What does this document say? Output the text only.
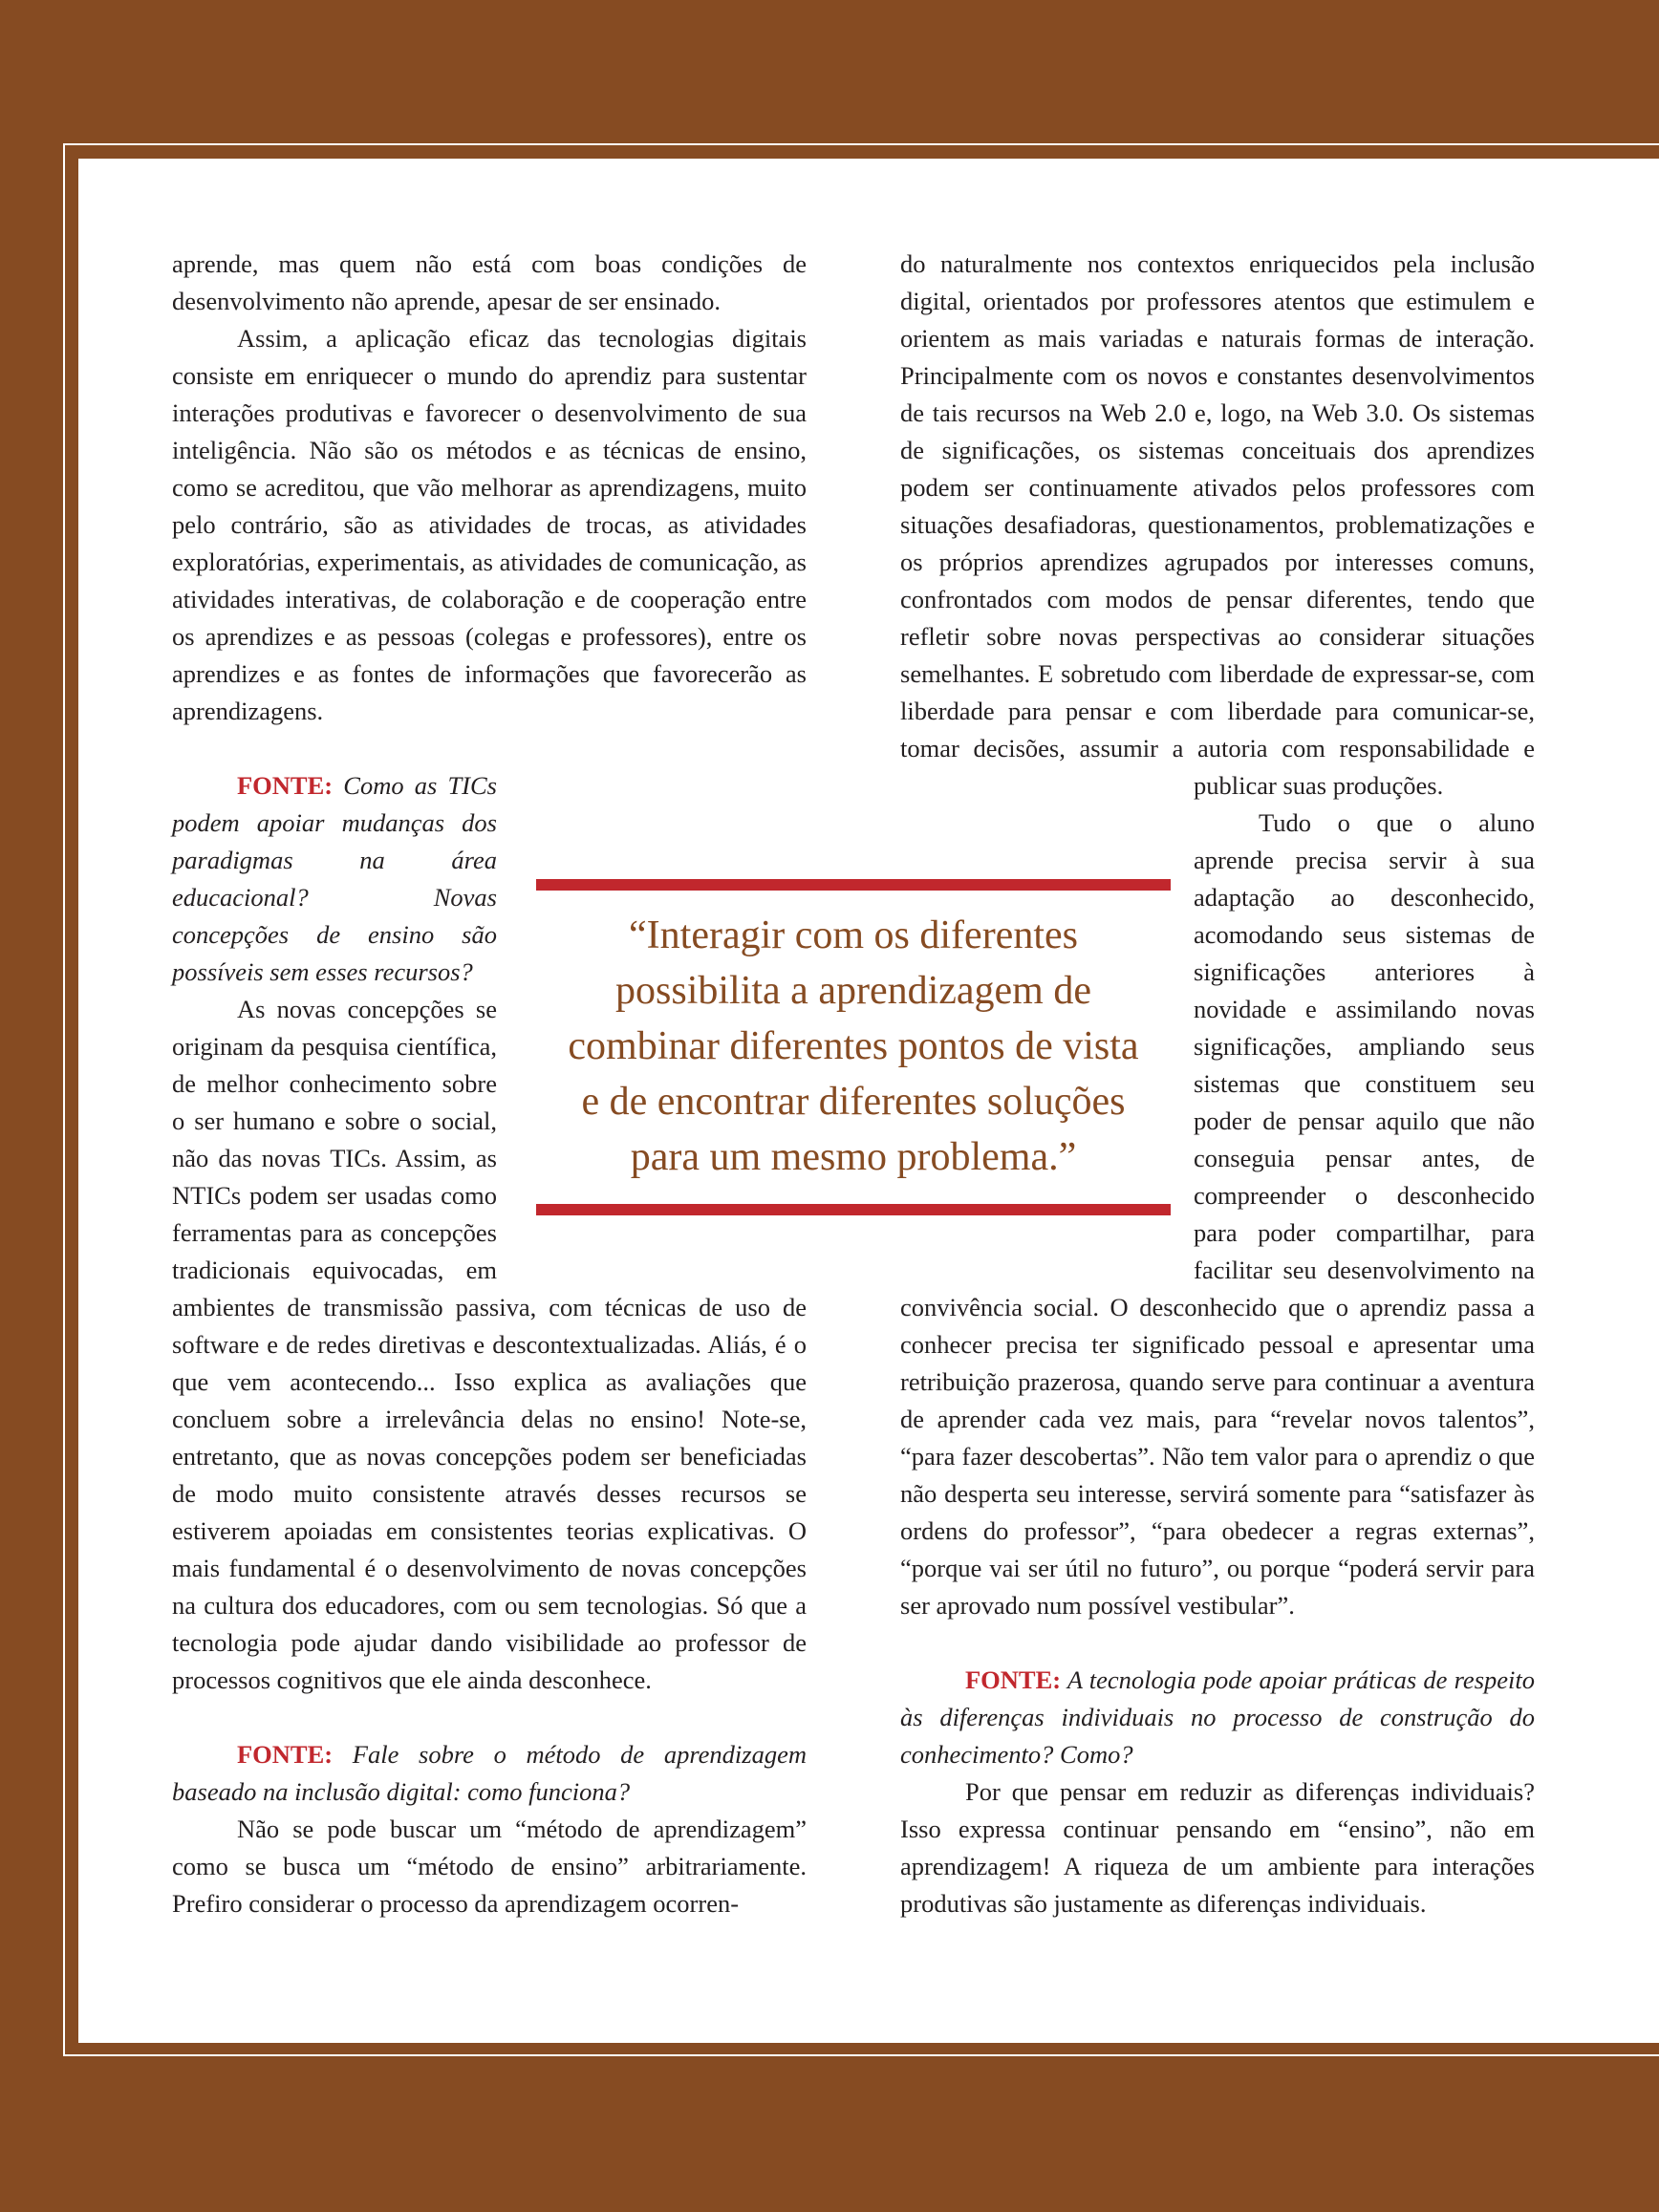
aprende, mas quem não está com boas condições de desenvolvimento não aprende, apesar de ser ensinado.

Assim, a aplicação eficaz das tecnologias digitais consiste em enriquecer o mundo do aprendiz para sustentar interações produtivas e favorecer o desenvolvimento de sua inteligência. Não são os métodos e as técnicas de ensino, como se acreditou, que vão melhorar as aprendizagens, muito pelo contrário, são as atividades de trocas, as atividades exploratórias, experimentais, as atividades de comunicação, as atividades interativas, de colaboração e de cooperação entre os aprendizes e as pessoas (colegas e professores), entre os aprendizes e as fontes de informações que favorecerão as aprendizagens.

FONTE: Como as TICs podem apoiar mudanças dos paradigmas na área educacional? Novas concepções de ensino são possíveis sem esses recursos?

As novas concepções se originam da pesquisa científica, de melhor conhecimento sobre o ser humano e sobre o social, não das novas TICs. Assim, as NTICs podem ser usadas como ferramentas para as concepções tradicionais equivocadas, em ambientes de transmissão passiva, com técnicas de uso de software e de redes diretivas e descontextualizadas. Aliás, é o que vem acontecendo... Isso explica as avaliações que concluem sobre a irrelevância delas no ensino! Note-se, entretanto, que as novas concepções podem ser beneficiadas de modo muito consistente através desses recursos se estiverem apoiadas em consistentes teorias explicativas. O mais fundamental é o desenvolvimento de novas concepções na cultura dos educadores, com ou sem tecnologias. Só que a tecnologia pode ajudar dando visibilidade ao professor de processos cognitivos que ele ainda desconhece.

FONTE: Fale sobre o método de aprendizagem baseado na inclusão digital: como funciona?

Não se pode buscar um “método de aprendizagem” como se busca um “método de ensino” arbitrariamente. Prefiro considerar o processo da aprendizagem ocorren-

do naturalmente nos contextos enriquecidos pela inclusão digital, orientados por professores atentos que estimulem e orientem as mais variadas e naturais formas de interação. Principalmente com os novos e constantes desenvolvimentos de tais recursos na Web 2.0 e, logo, na Web 3.0. Os sistemas de significações, os sistemas conceituais dos aprendizes podem ser continuamente ativados pelos professores com situações desafiadoras, questionamentos, problematizações e os próprios aprendizes agrupados por interesses comuns, confrontados com modos de pensar diferentes, tendo que refletir sobre novas perspectivas ao considerar situações semelhantes. E sobretudo com liberdade de expressar-se, com liberdade para pensar e com liberdade para comunicar-se, tomar decisões, assumir a autoria com responsabilidade e publicar suas produções.

Tudo o que o aluno aprende precisa servir à sua adaptação ao desconhecido, acomodando seus sistemas de significações anteriores à novidade e assimilando novas significações, ampliando seus sistemas que constituem seu poder de pensar aquilo que não conseguia pensar antes, de compreender o desconhecido para poder compartilhar, para facilitar seu desenvolvimento na convivência social. O desconhecido que o aprendiz passa a conhecer precisa ter significado pessoal e apresentar uma retribuição prazerosa, quando serve para continuar a aventura de aprender cada vez mais, para “revelar novos talentos”, “para fazer descobertas”. Não tem valor para o aprendiz o que não desperta seu interesse, servirá somente para “satisfazer às ordens do professor”, “para obedecer a regras externas”, “porque vai ser útil no futuro”, ou porque “poderá servir para ser aprovado num possível vestibular”.

FONTE: A tecnologia pode apoiar práticas de respeito às diferenças individuais no processo de construção do conhecimento? Como?

Por que pensar em reduzir as diferenças individuais? Isso expressa continuar pensando em “ensino”, não em aprendizagem! A riqueza de um ambiente para interações produtivas são justamente as diferenças individuais.

“Interagir com os diferentes
possibilita a aprendizagem de
combinar diferentes pontos de vista
e de encontrar diferentes soluções
para um mesmo problema.”
